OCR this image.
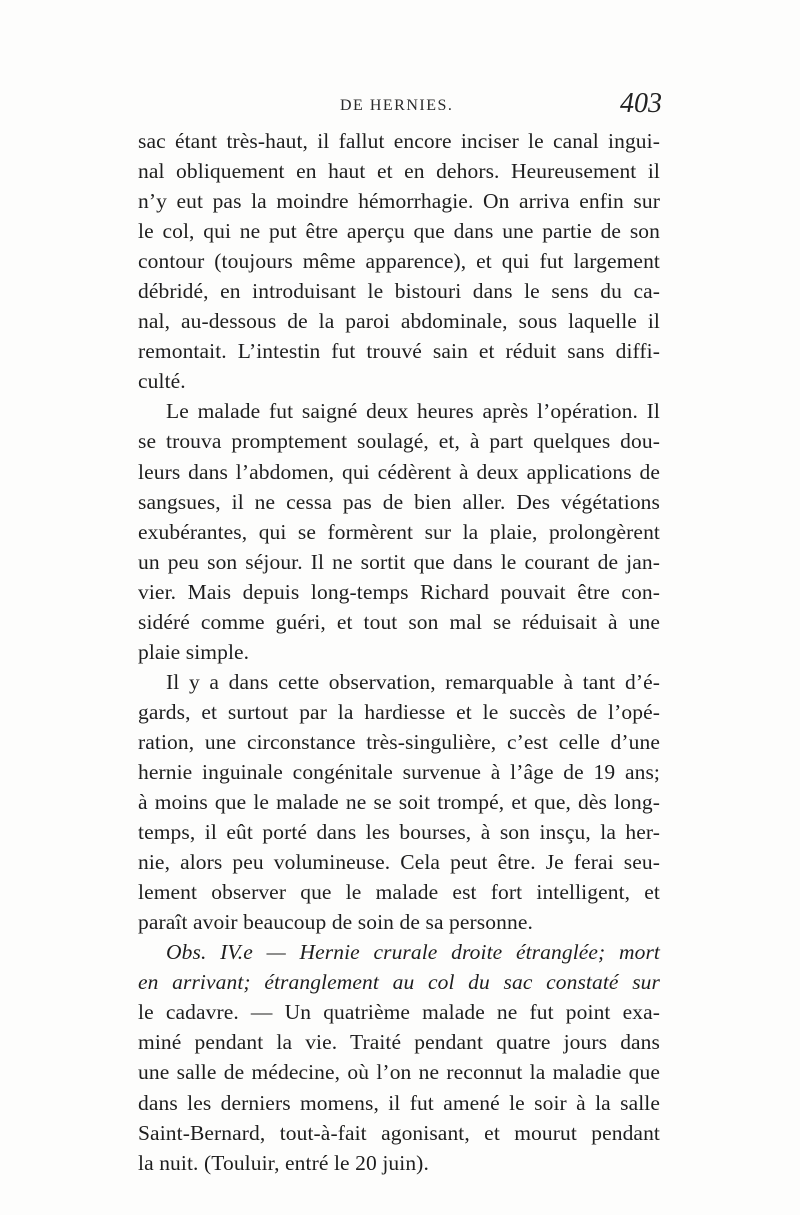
DE HERNIES.	403
sac étant très-haut, il fallut encore inciser le canal ingui-
nal obliquement en haut et en dehors. Heureusement il
n’y eut pas la moindre hémorrhagie. On arriva enfin sur
le col, qui ne put être aperçu que dans une partie de son
contour (toujours même apparence), et qui fut largement
débridé, en introduisant le bistouri dans le sens du ca-
nal, au-dessous de la paroi abdominale, sous laquelle il
remontait. L’intestin fut trouvé sain et réduit sans diffi-
culté.
Le malade fut saigné deux heures après l’opération. Il
se trouva promptement soulagé, et, à part quelques dou-
leurs dans l’abdomen, qui cédèrent à deux applications de
sangsues, il ne cessa pas de bien aller. Des végétations
exubérantes, qui se formèrent sur la plaie, prolongèrent
un peu son séjour. Il ne sortit que dans le courant de jan-
vier. Mais depuis long-temps Richard pouvait être con-
sidéré comme guéri, et tout son mal se réduisait à une
plaie simple.
Il y a dans cette observation, remarquable à tant d’é-
gards, et surtout par la hardiesse et le succès de l’opé-
ration, une circonstance très-singulière, c’est celle d’une
hernie inguinale congénitale survenue à l’âge de 19 ans;
à moins que le malade ne se soit trompé, et que, dès long-
temps, il eût porté dans les bourses, à son insçu, la her-
nie, alors peu volumineuse. Cela peut être. Je ferai seu-
lement observer que le malade est fort intelligent, et
paraît avoir beaucoup de soin de sa personne.
Obs. IV.e — Hernie crurale droite étranglée; mort
en arrivant; étranglement au col du sac constaté sur
le cadavre. — Un quatrième malade ne fut point exa-
miné pendant la vie. Traité pendant quatre jours dans
une salle de médecine, où l’on ne reconnut la maladie que
dans les derniers momens, il fut amené le soir à la salle
Saint-Bernard, tout-à-fait agonisant, et mourut pendant
la nuit. (Touluir, entré le 20 juin).
